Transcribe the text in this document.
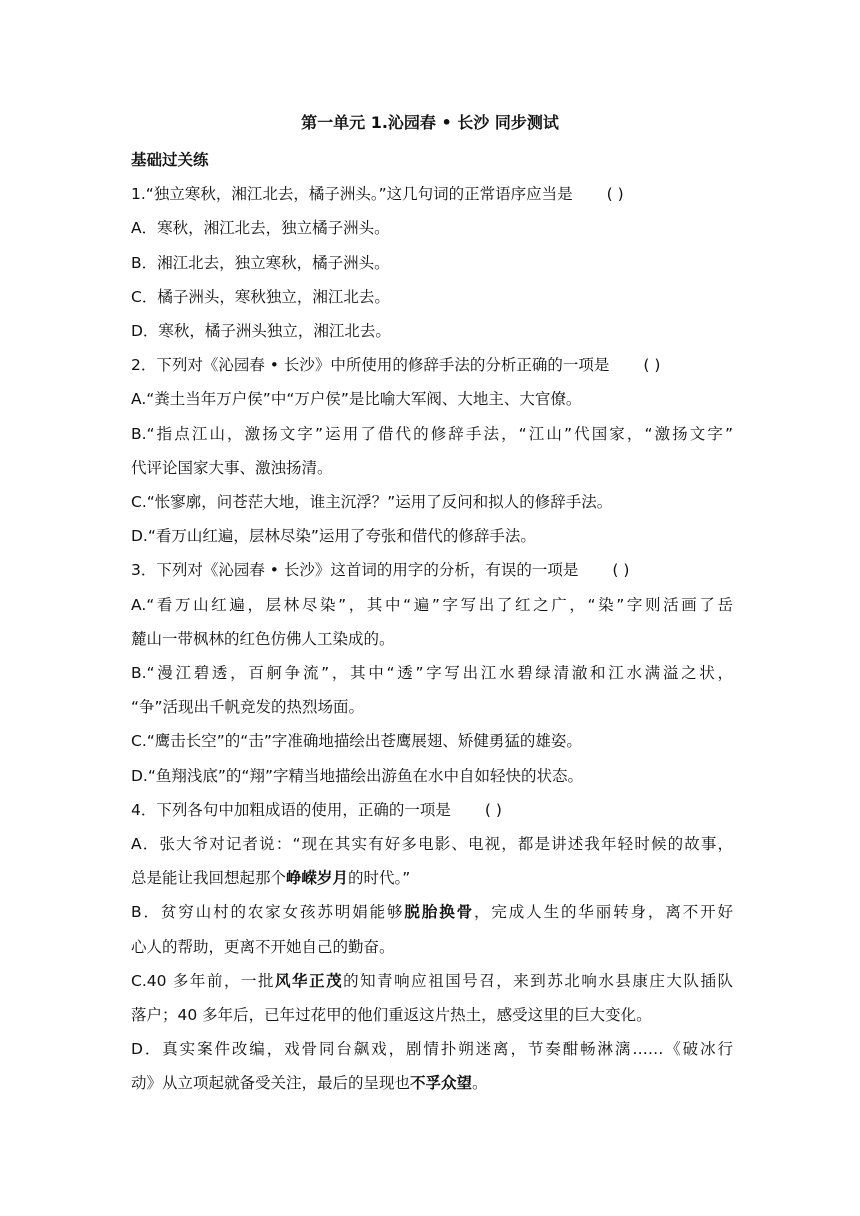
第一单元 1.沁园春 • 长沙 同步测试

基础过关练

1.“独立寒秋，湘江北去，橘子洲头。”这几句词的正常语序应当是 ( )

A．寒秋，湘江北去，独立橘子洲头。

B．湘江北去，独立寒秋，橘子洲头。

C．橘子洲头，寒秋独立，湘江北去。

D．寒秋，橘子洲头独立，湘江北去。

2．下列对《沁园春 • 长沙》中所使用的修辞手法的分析正确的一项是 ( )

A.“粪土当年万户侯”中“万户侯”是比喻大军阀、大地主、大官僚。

B.“指点江山，激扬文字”运用了借代的修辞手法，“江山”代国家，“激扬文字”

代评论国家大事、激浊扬清。

C.“怅寥廓，问苍茫大地，谁主沉浮？”运用了反问和拟人的修辞手法。

D.“看万山红遍，层林尽染”运用了夸张和借代的修辞手法。

3．下列对《沁园春 • 长沙》这首词的用字的分析，有误的一项是 ( )

A.“看万山红遍，层林尽染”，其中“遍”字写出了红之广，“染”字则活画了岳

麓山一带枫林的红色仿佛人工染成的。

B.“漫江碧透，百舸争流”，其中“透”字写出江水碧绿清澈和江水满溢之状，

“争”活现出千帆竞发的热烈场面。

C.“鹰击长空”的“击”字准确地描绘出苍鹰展翅、矫健勇猛的雄姿。

D.“鱼翔浅底”的“翔”字精当地描绘出游鱼在水中自如轻快的状态。

4．下列各句中加粗成语的使用，正确的一项是 ( )

A．张大爷对记者说：“现在其实有好多电影、电视，都是讲述我年轻时候的故事，

总是能让我回想起那个峥嵘岁月的时代。”

B．贫穷山村的农家女孩苏明娟能够脱胎换骨，完成人生的华丽转身，离不开好

心人的帮助，更离不开她自己的勤奋。

C.40 多年前，一批风华正茂的知青响应祖国号召，来到苏北响水县康庄大队插队

落户；40 多年后，已年过花甲的他们重返这片热土，感受这里的巨大变化。

D．真实案件改编，戏骨同台飙戏，剧情扑朔迷离，节奏酣畅淋漓……《破冰行

动》从立项起就备受关注，最后的呈现也不孚众望。
